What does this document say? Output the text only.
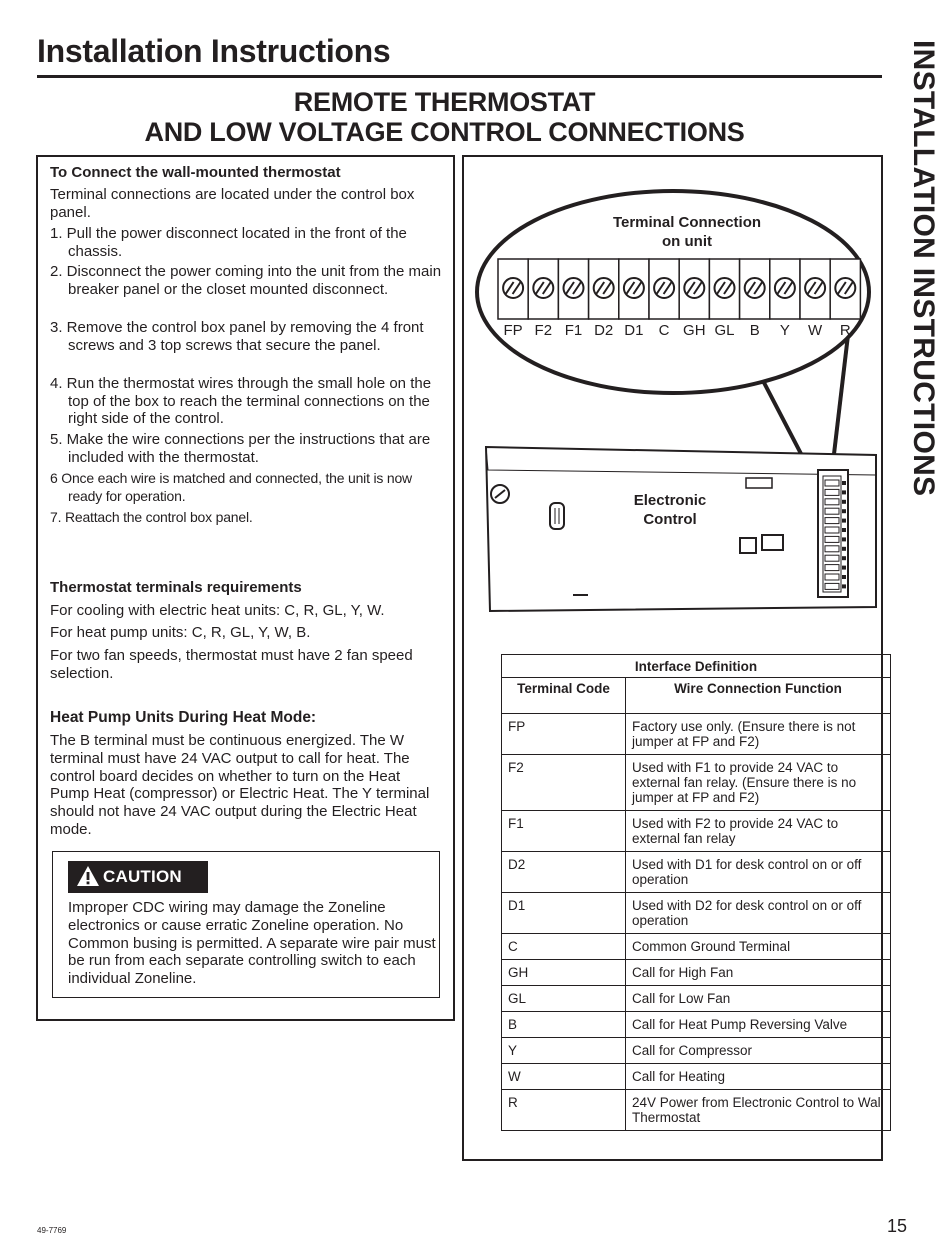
Installation Instructions	INSTALLATION INSTRUCTIONS
REMOTE THERMOSTAT
AND LOW VOLTAGE CONTROL CONNECTIONS
To Connect the wall-mounted thermostat
Terminal connections are located under the control box panel.
1. Pull the power disconnect located in the front of the chassis.
2. Disconnect the power coming into the unit from the main breaker panel or the closet mounted disconnect.
3. Remove the control box panel by removing the 4 front screws and 3 top screws that secure the panel.
4. Run the thermostat wires through the small hole on the top of the box to reach the terminal connections on the right side of the control.
5. Make the wire connections per the instructions that are included with the thermostat.
6 Once each wire is matched and connected, the unit is now ready for operation.
7. Reattach the control box panel.
Thermostat terminals requirements
For cooling with electric heat units: C, R, GL, Y, W.
For heat pump units: C, R, GL, Y, W, B.
For two fan speeds, thermostat must have 2 fan speed selection.
Heat Pump Units During Heat Mode:
The B terminal must be continuous energized. The W terminal must have 24 VAC output to call for heat. The control board decides on whether to turn on the Heat Pump Heat (compressor) or Electric Heat. The Y terminal should not have 24 VAC output during the Electric Heat mode.
CAUTION
Improper CDC wiring may damage the Zoneline electronics or cause erratic Zoneline operation. No Common busing is permitted. A separate wire pair must be run from each separate controlling switch to each individual Zoneline.
Terminal Connection
on unit
FP F2 F1 D2 D1 C GH GL B Y W R
Electronic
Control
Interface Definition	
Terminal Code	Wire Connection Function
FP	Factory use only. (Ensure there is not jumper at FP and F2)
F2	Used with F1 to provide 24 VAC to external fan relay. (Ensure there is no jumper at FP and F2)
F1	Used with F2 to provide 24 VAC to external fan relay
D2	Used with D1 for desk control on or off operation
D1	Used with D2 for desk control on or off operation
C	Common Ground Terminal
GH	Call for High Fan
GL	Call for Low Fan
B	Call for Heat Pump Reversing Valve
Y	Call for Compressor
W	Call for Heating
R	24V Power from Electronic Control to Wall Thermostat
49-7769	15
